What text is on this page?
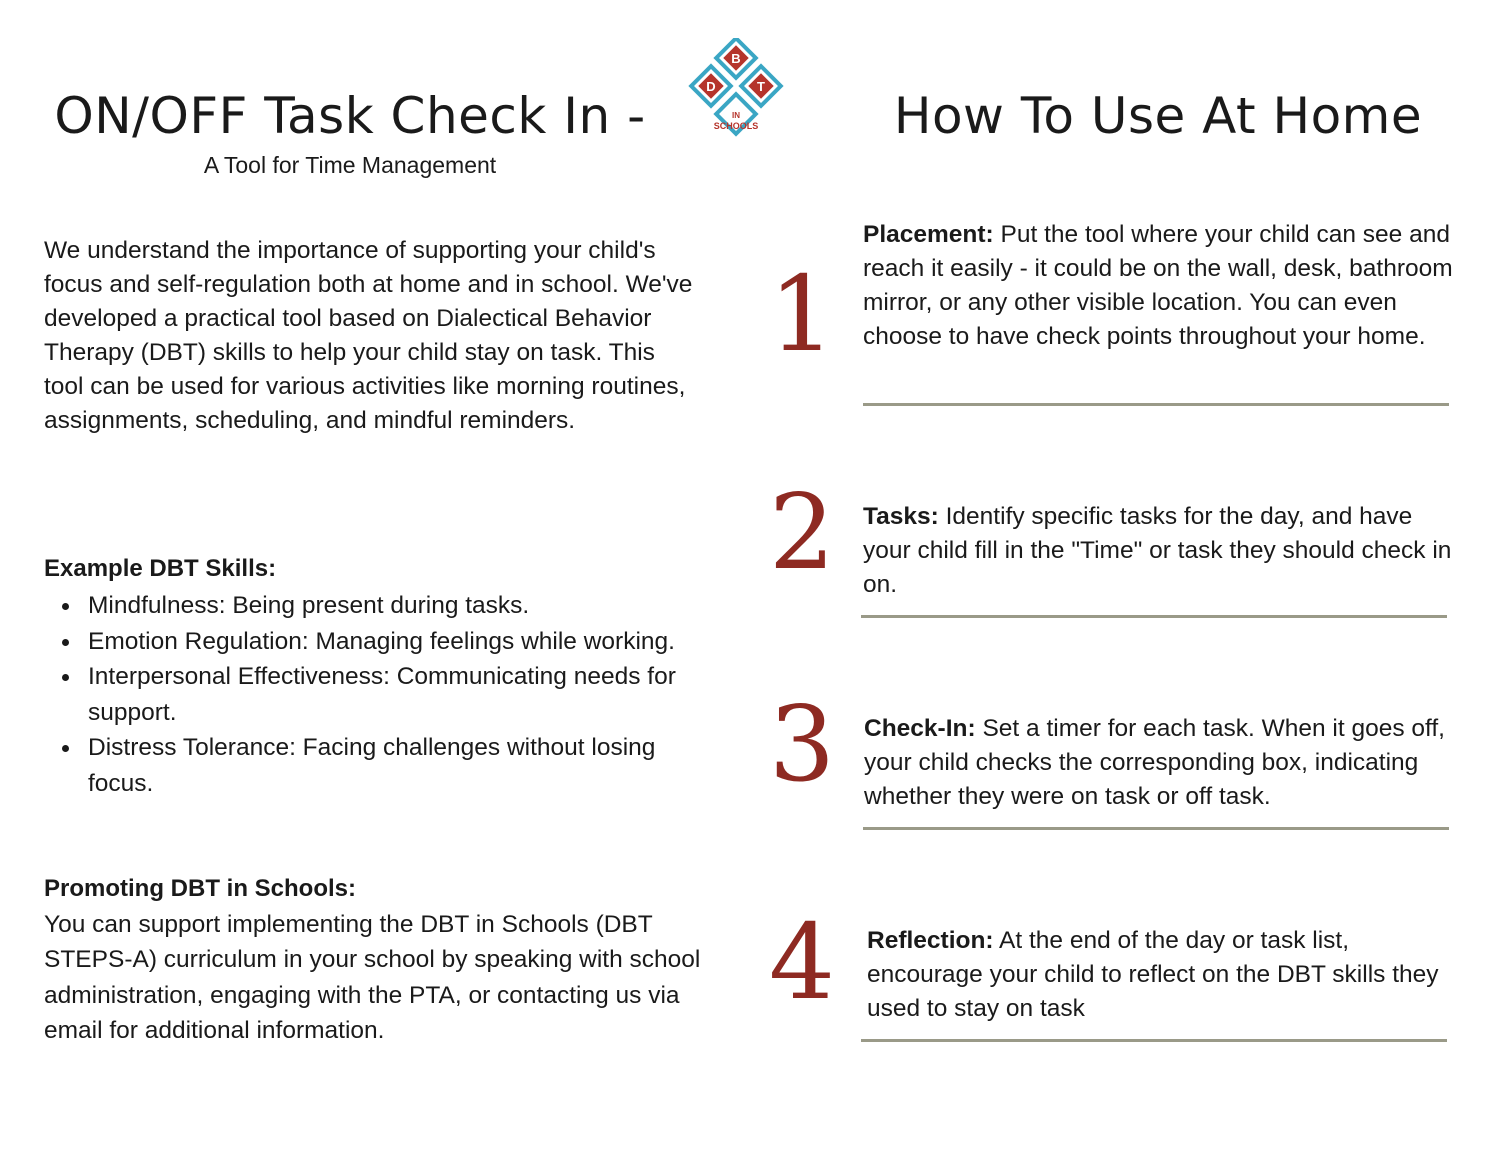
ON/OFF Task Check In -
A Tool for Time Management
B
D	T
IN
SCHOOLS	How To Use At Home

We understand the importance of supporting your child's focus and self-regulation both at home and in school. We've developed a practical tool based on Dialectical Behavior Therapy (DBT) skills to help your child stay on task. This tool can be used for various activities like morning routines, assignments, scheduling, and mindful reminders.

Example DBT Skills:
Mindfulness: Being present during tasks.
Emotion Regulation: Managing feelings while working.
Interpersonal Effectiveness: Communicating needs for support.
Distress Tolerance: Facing challenges without losing focus.
Promoting DBT in Schools:

You can support implementing the DBT in Schools (DBT STEPS-A) curriculum in your school by speaking with school administration, engaging with the PTA, or contacting us via email for additional information.

1

Placement: Put the tool where your child can see and reach it easily - it could be on the wall, desk, bathroom mirror, or any other visible location. You can even choose to have check points throughout your home.

2 Tasks: Identify specific tasks for the day, and have your child fill in the "Time" or task they should check in on.

3 Check-In: Set a timer for each task. When it goes off, your child checks the corresponding box, indicating whether they were on task or off task.

4 Reflection: At the end of the day or task list, encourage your child to reflect on the DBT skills they used to stay on task
